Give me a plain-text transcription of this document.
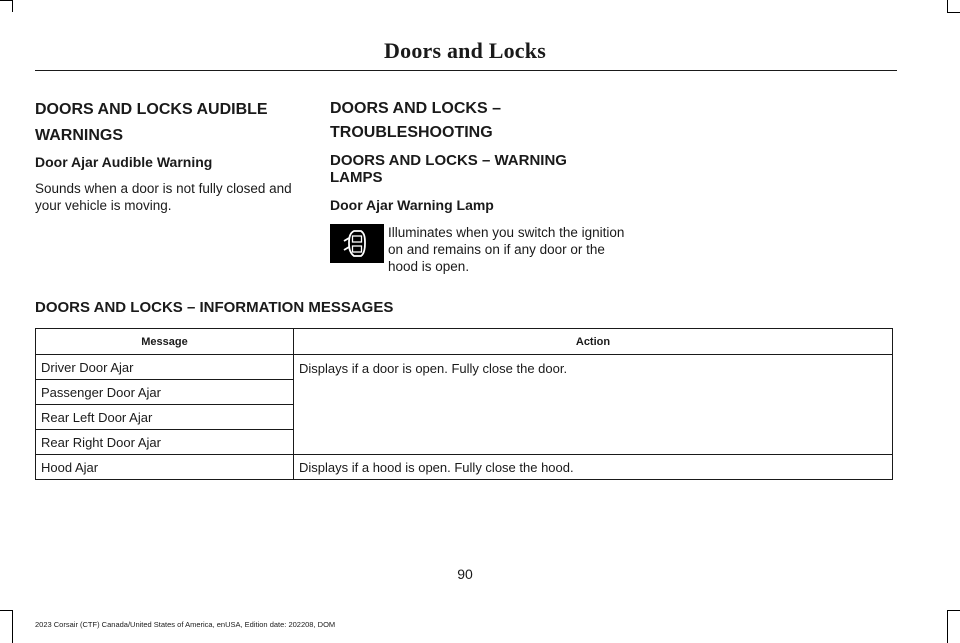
Doors and Locks
DOORS AND LOCKS AUDIBLE WARNINGS
Door Ajar Audible Warning

Sounds when a door is not fully closed and your vehicle is moving.

DOORS AND LOCKS – TROUBLESHOOTING
DOORS AND LOCKS – WARNING LAMPS
Door Ajar Warning Lamp

Illuminates when you switch the ignition on and remains on if any door or the hood is open.

DOORS AND LOCKS – INFORMATION MESSAGES
Message	Action
Driver Door Ajar	Displays if a door is open. Fully close the door.
Passenger Door Ajar	
Rear Left Door Ajar	
Rear Right Door Ajar	
Hood Ajar	Displays if a hood is open. Fully close the hood.
90
2023 Corsair (CTF) Canada/United States of America, enUSA, Edition date: 202208, DOM
